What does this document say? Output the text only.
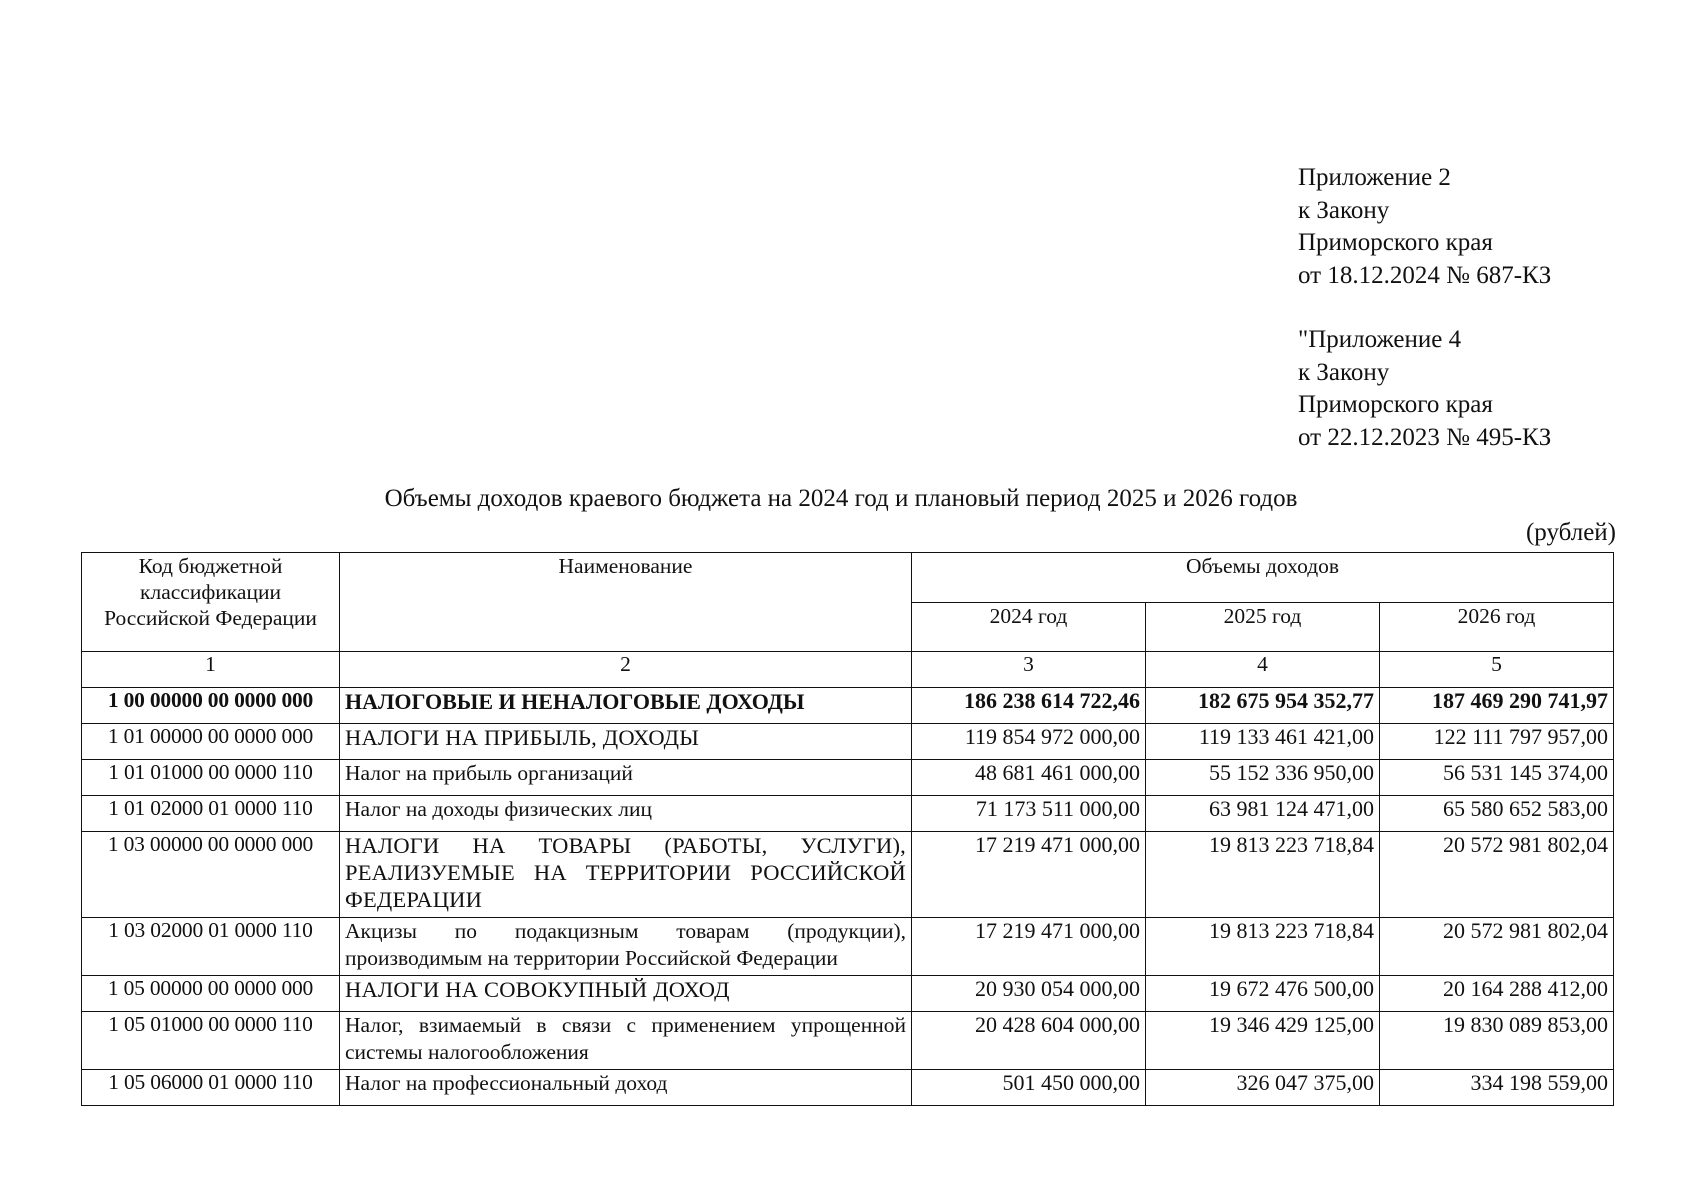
Приложение 2
к Закону
Приморского края
от 18.12.2024 № 687-КЗ
"Приложение 4
к Закону
Приморского края
от 22.12.2023 № 495-КЗ
Объемы доходов краевого бюджета на 2024 год и плановый период 2025 и 2026 годов
(рублей)
Код бюджетной классификации Российской Федерации	Наименование	Объемы доходов		
		2024 год	2025 год	2026 год
1	2	3	4	5
1 00 00000 00 0000 000	НАЛОГОВЫЕ И НЕНАЛОГОВЫЕ ДОХОДЫ	186 238 614 722,46	182 675 954 352,77	187 469 290 741,97
1 01 00000 00 0000 000	НАЛОГИ НА ПРИБЫЛЬ, ДОХОДЫ	119 854 972 000,00	119 133 461 421,00	122 111 797 957,00
1 01 01000 00 0000 110	Налог на прибыль организаций	48 681 461 000,00	55 152 336 950,00	56 531 145 374,00
1 01 02000 01 0000 110	Налог на доходы физических лиц	71 173 511 000,00	63 981 124 471,00	65 580 652 583,00
1 03 00000 00 0000 000	НАЛОГИ НА ТОВАРЫ (РАБОТЫ, УСЛУГИ), РЕАЛИЗУЕМЫЕ НА ТЕРРИТОРИИ РОССИЙСКОЙ ФЕДЕРАЦИИ	17 219 471 000,00	19 813 223 718,84	20 572 981 802,04
1 03 02000 01 0000 110	Акцизы по подакцизным товарам (продукции), производимым на территории Российской Федерации	17 219 471 000,00	19 813 223 718,84	20 572 981 802,04
1 05 00000 00 0000 000	НАЛОГИ НА СОВОКУПНЫЙ ДОХОД	20 930 054 000,00	19 672 476 500,00	20 164 288 412,00
1 05 01000 00 0000 110	Налог, взимаемый в связи с применением упрощенной системы налогообложения	20 428 604 000,00	19 346 429 125,00	19 830 089 853,00
1 05 06000 01 0000 110	Налог на профессиональный доход	501 450 000,00	326 047 375,00	334 198 559,00
